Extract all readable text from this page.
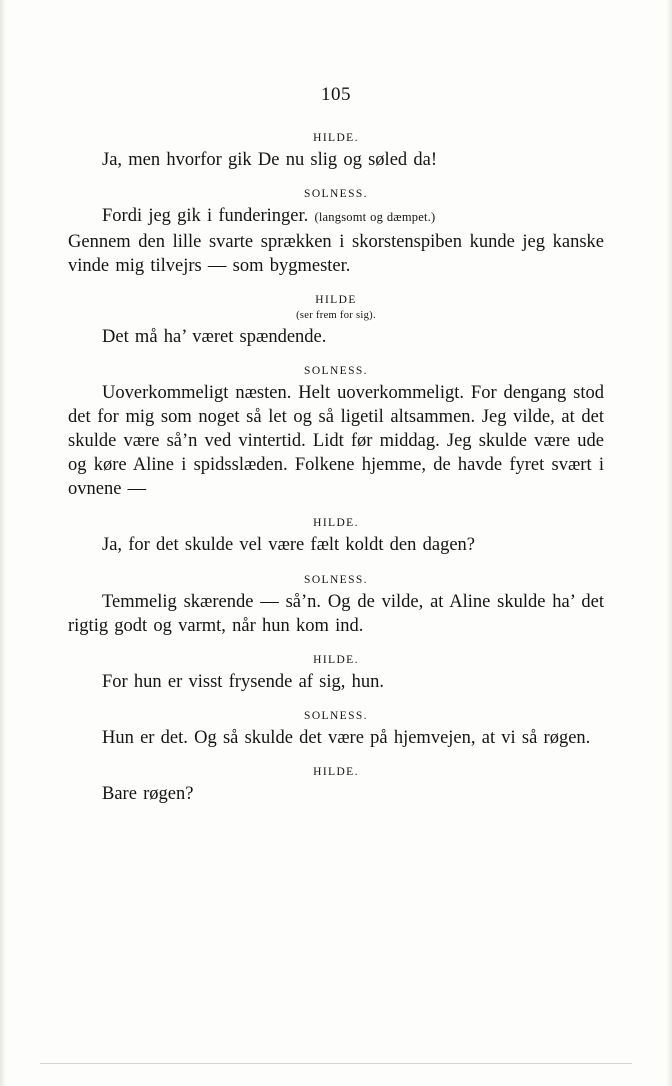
105
HILDE.

Ja, men hvorfor gik De nu slig og søled da!

SOLNESS.

Fordi jeg gik i funderinger. (langsomt og dæmpet.)

Gennem den lille svarte sprækken i skorstenspiben kunde jeg kanske vinde mig tilvejrs — som bygmester.

HILDE
(ser frem for sig).

Det må ha’ været spændende.

SOLNESS.

Uoverkommeligt næsten. Helt uoverkommeligt. For dengang stod det for mig som noget så let og så ligetil altsammen. Jeg vilde, at det skulde være så’n ved vintertid. Lidt før middag. Jeg skulde være ude og køre Aline i spidsslæden. Folkene hjemme, de havde fyret svært i ovnene —

HILDE.

Ja, for det skulde vel være fælt koldt den dagen?

SOLNESS.

Temmelig skærende — så’n. Og de vilde, at Aline skulde ha’ det rigtig godt og varmt, når hun kom ind.

HILDE.

For hun er visst frysende af sig, hun.

SOLNESS.

Hun er det. Og så skulde det være på hjemvejen, at vi så røgen.

HILDE.

Bare røgen?
